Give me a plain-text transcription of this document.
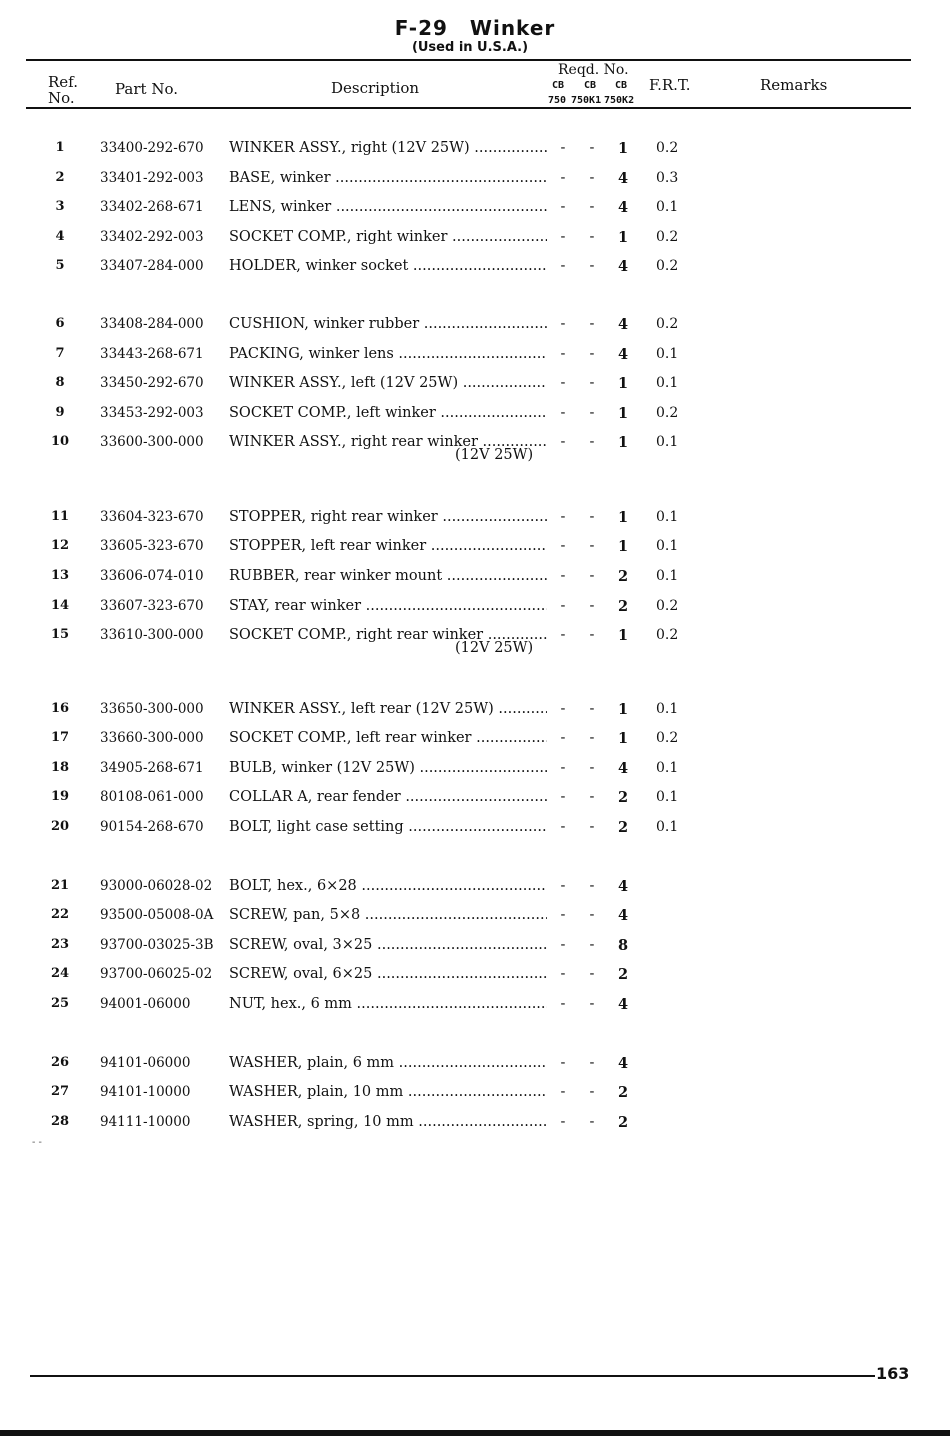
F-29 Winker
(Used in U.S.A.)
Ref.
No.	Part No.	Description
Reqd. No.
CB CB CB
750 750K1 750K2
F.R.T.	Remarks
1	33400-292-670 WINKER ASSY., right (12V 25W) .....	- - 1 0.2
2	33401-292-003 BASE, winker .....	- - 4 0.3
3	33402-268-671 LENS, winker .....	- - 4 0.1
4	33402-292-003 SOCKET COMP., right winker .....	- - 1 0.2
5	33407-284-000 HOLDER, winker socket .....	- - 4 0.2
6	33408-284-000 CUSHION, winker rubber .....	- - 4 0.2
7	33443-268-671 PACKING, winker lens .....	- - 4 0.1
8	33450-292-670 WINKER ASSY., left (12V 25W) .....	- - 1 0.1
9	33453-292-003 SOCKET COMP., left winker .....	- - 1 0.2
10	33600-300-000 WINKER ASSY., right rear winker .....	- - 1 0.1
(12V 25W)
11	33604-323-670 STOPPER, right rear winker .....	- - 1 0.1
12	33605-323-670 STOPPER, left rear winker .....	- - 1 0.1
13	33606-074-010 RUBBER, rear winker mount .....	- - 2 0.1
14	33607-323-670 STAY, rear winker .....	- - 2 0.2
15	33610-300-000 SOCKET COMP., right rear winker .....	- - 1 0.2
(12V 25W)
16	33650-300-000 WINKER ASSY., left rear (12V 25W) .....	- - 1 0.1
17	33660-300-000 SOCKET COMP., left rear winker .....	- - 1 0.2
18	34905-268-671 BULB, winker (12V 25W) .....	- - 4 0.1
19	80108-061-000 COLLAR A, rear fender .....	- - 2 0.1
20	90154-268-670 BOLT, light case setting .....	- - 2 0.1
21	93000-06028-02 BOLT, hex., 6×28 .....	- - 4
22	93500-05008-0A SCREW, pan, 5×8 .....	- - 4
23	93700-03025-3B SCREW, oval, 3×25 .....	- - 8
24	93700-06025-02 SCREW, oval, 6×25 .....	- - 2
25	94001-06000	NUT, hex., 6 mm .....	- - 4
26	94101-06000	WASHER, plain, 6 mm .....	- - 4
27	94101-10000	WASHER, plain, 10 mm .....	- - 2
28	94111-10000	WASHER, spring, 10 mm .....	- - 2
- -
163
